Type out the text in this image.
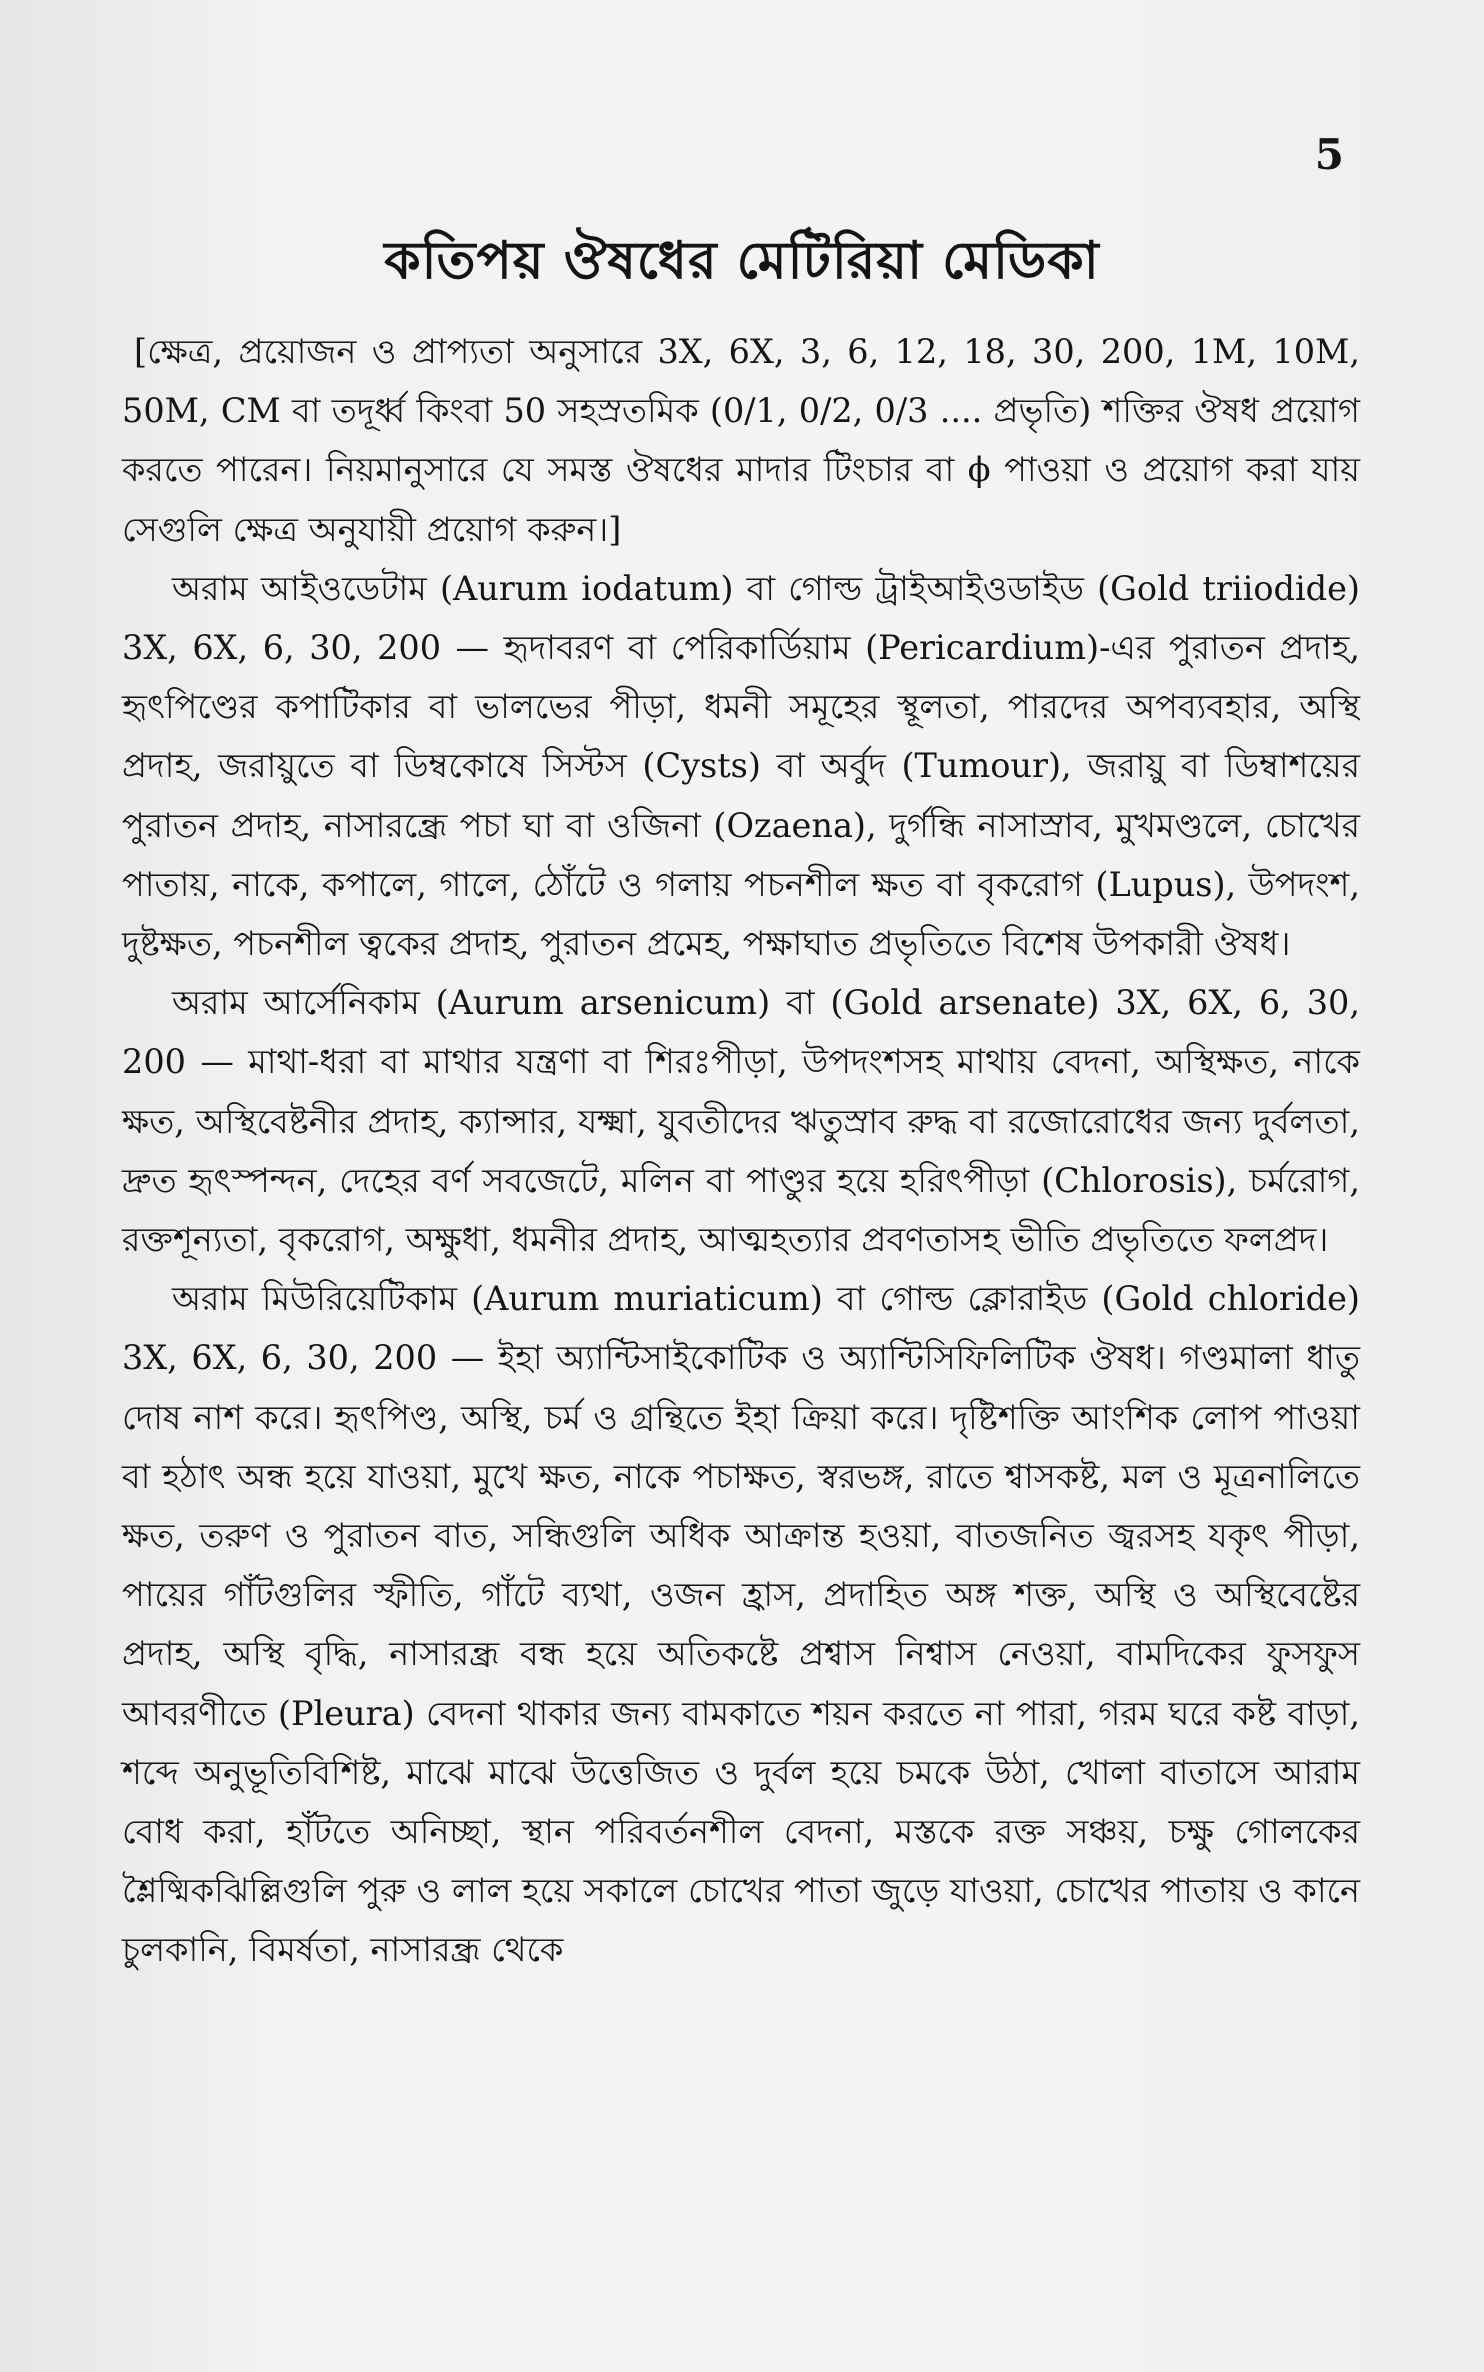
5
কতিপয় ঔষধের মেটিরিয়া মেডিকা

[ক্ষেত্র, প্রয়োজন ও প্রাপ্যতা অনুসারে 3X, 6X, 3, 6, 12, 18, 30, 200, 1M, 10M, 50M, CM বা তদূর্ধ্ব কিংবা 50 সহস্রতমিক (0/1, 0/2, 0/3 .... প্রভৃতি) শক্তির ঔষধ প্রয়োগ করতে পারেন। নিয়মানুসারে যে সমস্ত ঔষধের মাদার টিংচার বা ϕ পাওয়া ও প্রয়োগ করা যায় সেগুলি ক্ষেত্র অনুযায়ী প্রয়োগ করুন।]

অরাম আইওডেটাম (Aurum iodatum) বা গোল্ড ট্রাইআইওডাইড (Gold triiodide) 3X, 6X, 6, 30, 200 — হৃদাবরণ বা পেরিকার্ডিয়াম (Pericardium)-এর পুরাতন প্রদাহ, হৃৎপিণ্ডের কপাটিকার বা ভালভের পীড়া, ধমনী সমূহের স্থূলতা, পারদের অপব্যবহার, অস্থি প্রদাহ, জরায়ুতে বা ডিম্বকোষে সিস্টস (Cysts) বা অর্বুদ (Tumour), জরায়ু বা ডিম্বাশয়ের পুরাতন প্রদাহ, নাসারন্ধ্রে পচা ঘা বা ওজিনা (Ozaena), দুর্গন্ধি নাসাস্রাব, মুখমণ্ডলে, চোখের পাতায়, নাকে, কপালে, গালে, ঠোঁটে ও গলায় পচনশীল ক্ষত বা বৃকরোগ (Lupus), উপদংশ, দুষ্টক্ষত, পচনশীল ত্বকের প্রদাহ, পুরাতন প্রমেহ, পক্ষাঘাত প্রভৃতিতে বিশেষ উপকারী ঔষধ।

অরাম আর্সেনিকাম (Aurum arsenicum) বা (Gold arsenate) 3X, 6X, 6, 30, 200 — মাথা-ধরা বা মাথার যন্ত্রণা বা শিরঃপীড়া, উপদংশসহ মাথায় বেদনা, অস্থিক্ষত, নাকে ক্ষত, অস্থিবেষ্টনীর প্রদাহ, ক্যান্সার, যক্ষ্মা, যুবতীদের ঋতুস্রাব রুদ্ধ বা রজোরোধের জন্য দুর্বলতা, দ্রুত হৃৎস্পন্দন, দেহের বর্ণ সবজেটে, মলিন বা পাণ্ডুর হয়ে হরিৎপীড়া (Chlorosis), চর্মরোগ, রক্তশূন্যতা, বৃকরোগ, অক্ষুধা, ধমনীর প্রদাহ, আত্মহত্যার প্রবণতাসহ ভীতি প্রভৃতিতে ফলপ্রদ।

অরাম মিউরিয়েটিকাম (Aurum muriaticum) বা গোল্ড ক্লোরাইড (Gold chloride) 3X, 6X, 6, 30, 200 — ইহা অ্যান্টিসাইকোটিক ও অ্যান্টিসিফিলিটিক ঔষধ। গণ্ডমালা ধাতু দোষ নাশ করে। হৃৎপিণ্ড, অস্থি, চর্ম ও গ্রন্থিতে ইহা ক্রিয়া করে। দৃষ্টিশক্তি আংশিক লোপ পাওয়া বা হঠাৎ অন্ধ হয়ে যাওয়া, মুখে ক্ষত, নাকে পচাক্ষত, স্বরভঙ্গ, রাতে শ্বাসকষ্ট, মল ও মূত্রনালিতে ক্ষত, তরুণ ও পুরাতন বাত, সন্ধিগুলি অধিক আক্রান্ত হওয়া, বাতজনিত জ্বরসহ যকৃৎ পীড়া, পায়ের গাঁটগুলির স্ফীতি, গাঁটে ব্যথা, ওজন হ্রাস, প্রদাহিত অঙ্গ শক্ত, অস্থি ও অস্থিবেষ্টের প্রদাহ, অস্থি বৃদ্ধি, নাসারন্ধ্র বন্ধ হয়ে অতিকষ্টে প্রশ্বাস নিশ্বাস নেওয়া, বামদিকের ফুসফুস আবরণীতে (Pleura) বেদনা থাকার জন্য বামকাতে শয়ন করতে না পারা, গরম ঘরে কষ্ট বাড়া, শব্দে অনুভূতিবিশিষ্ট, মাঝে মাঝে উত্তেজিত ও দুর্বল হয়ে চমকে উঠা, খোলা বাতাসে আরাম বোধ করা, হাঁটতে অনিচ্ছা, স্থান পরিবর্তনশীল বেদনা, মস্তকে রক্ত সঞ্চয়, চক্ষু গোলকের শ্লৈষ্মিকঝিল্লিগুলি পুরু ও লাল হয়ে সকালে চোখের পাতা জুড়ে যাওয়া, চোখের পাতায় ও কানে চুলকানি, বিমর্ষতা, নাসারন্ধ্র থেকে
